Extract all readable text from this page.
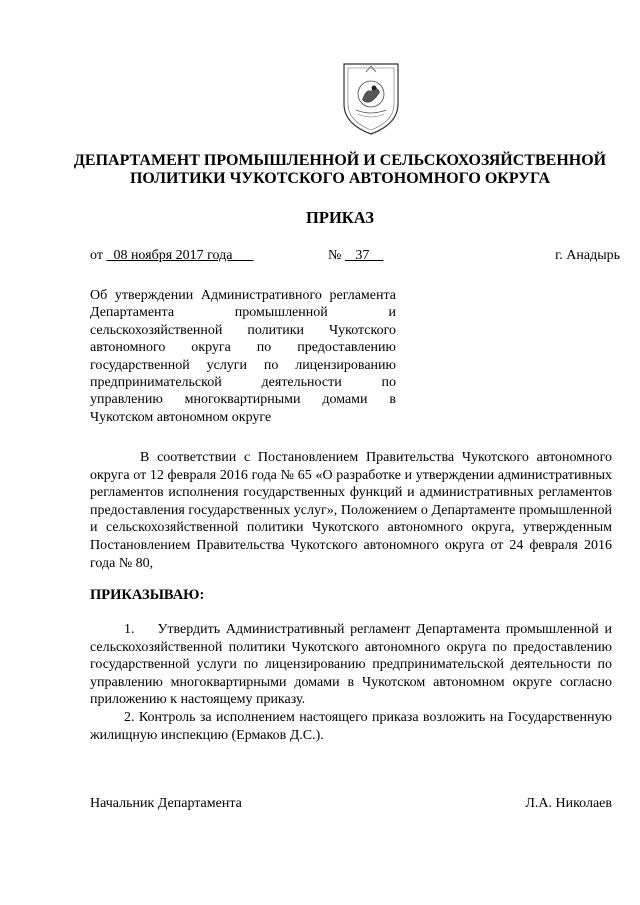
ДЕПАРТАМЕНТ ПРОМЫШЛЕННОЙ И СЕЛЬСКОХОЗЯЙСТВЕННОЙ
ПОЛИТИКИ ЧУКОТСКОГО АВТОНОМНОГО ОКРУГА
ПРИКАЗ
от 08 ноября 2017 года	№ 37	г. Анадырь
Об утверждении Административного регламента Департамента промышленной и сельскохозяйственной политики Чукотского автономного округа по предоставлению государственной услуги по лицензированию предпринимательской деятельности по управлению многоквартирными домами в Чукотском автономном округе
В соответствии с Постановлением Правительства Чукотского автономного округа от 12 февраля 2016 года № 65 «О разработке и утверждении административных регламентов исполнения государственных функций и административных регламентов предоставления государственных услуг», Положением о Департаменте промышленной и сельскохозяйственной политики Чукотского автономного округа, утвержденным Постановлением Правительства Чукотского автономного округа от 24 февраля 2016 года № 80,
ПРИКАЗЫВАЮ:

1.    Утвердить Административный регламент Департамента промышленной и сельскохозяйственной политики Чукотского автономного округа по предоставлению государственной услуги по лицензированию предпринимательской деятельности по управлению многоквартирными домами в Чукотском автономном округе согласно приложению к настоящему приказу.

2. Контроль за исполнением настоящего приказа возложить на Государственную жилищную инспекцию (Ермаков Д.С.).

Начальник Департамента	Л.А. Николаев
